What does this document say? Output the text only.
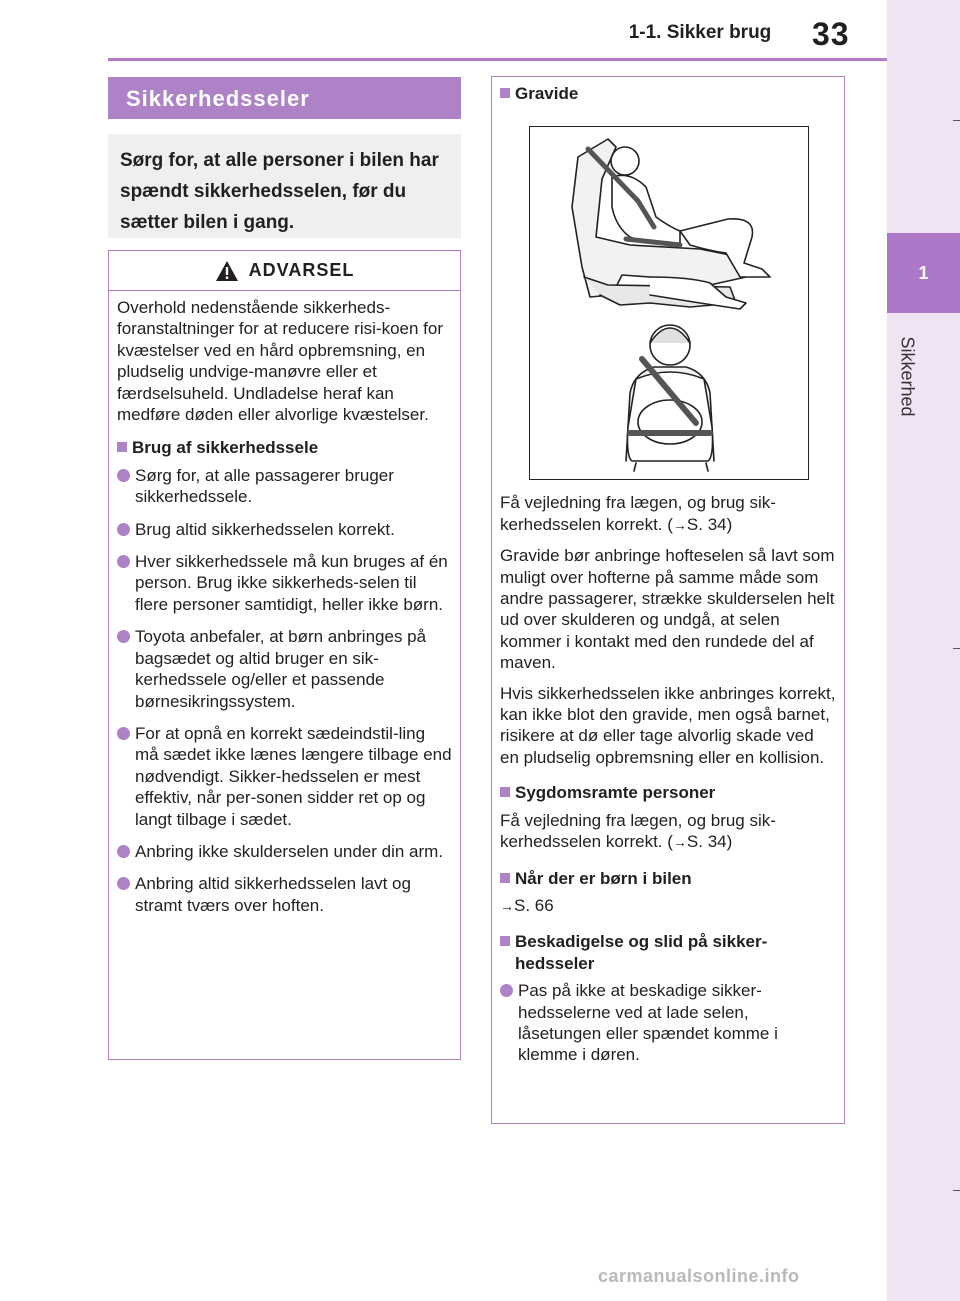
1-1. Sikker brug 33
1
Sikkerhed
Sikkerhedsseler
Sørg for, at alle personer i bilen har spændt sikkerhedsselen, før du sætter bilen i gang.
ADVARSEL
Overhold nedenstående sikkerheds-foranstaltninger for at reducere risi-koen for kvæstelser ved en hård opbremsning, en pludselig undvige-manøvre eller et færdselsuheld. Undladelse heraf kan medføre døden eller alvorlige kvæstelser.
Brug af sikkerhedssele
Sørg for, at alle passagerer bruger sikkerhedssele.
Brug altid sikkerhedsselen korrekt.
Hver sikkerhedssele må kun bruges af én person. Brug ikke sikkerheds-selen til flere personer samtidigt, heller ikke børn.
Toyota anbefaler, at børn anbringes på bagsædet og altid bruger en sik-kerhedssele og/eller et passende børnesikringssystem.
For at opnå en korrekt sædeindstil-ling må sædet ikke lænes længere tilbage end nødvendigt. Sikker-hedsselen er mest effektiv, når per-sonen sidder ret op og langt tilbage i sædet.
Anbring ikke skulderselen under din arm.
Anbring altid sikkerhedsselen lavt og stramt tværs over hoften.
Gravide
Få vejledning fra lægen, og brug sik-kerhedsselen korrekt. (→S. 34)
Gravide bør anbringe hofteselen så lavt som muligt over hofterne på samme måde som andre passagerer, strække skulderselen helt ud over skulderen og undgå, at selen kommer i kontakt med den rundede del af maven.
Hvis sikkerhedsselen ikke anbringes korrekt, kan ikke blot den gravide, men også barnet, risikere at dø eller tage alvorlig skade ved en pludselig opbremsning eller en kollision.
Sygdomsramte personer
Få vejledning fra lægen, og brug sik-kerhedsselen korrekt. (→S. 34)
Når der er børn i bilen
→S. 66
Beskadigelse og slid på sikker-hedsseler
Pas på ikke at beskadige sikker-hedsselerne ved at lade selen, låsetungen eller spændet komme i klemme i døren.
carmanualsonline.info
